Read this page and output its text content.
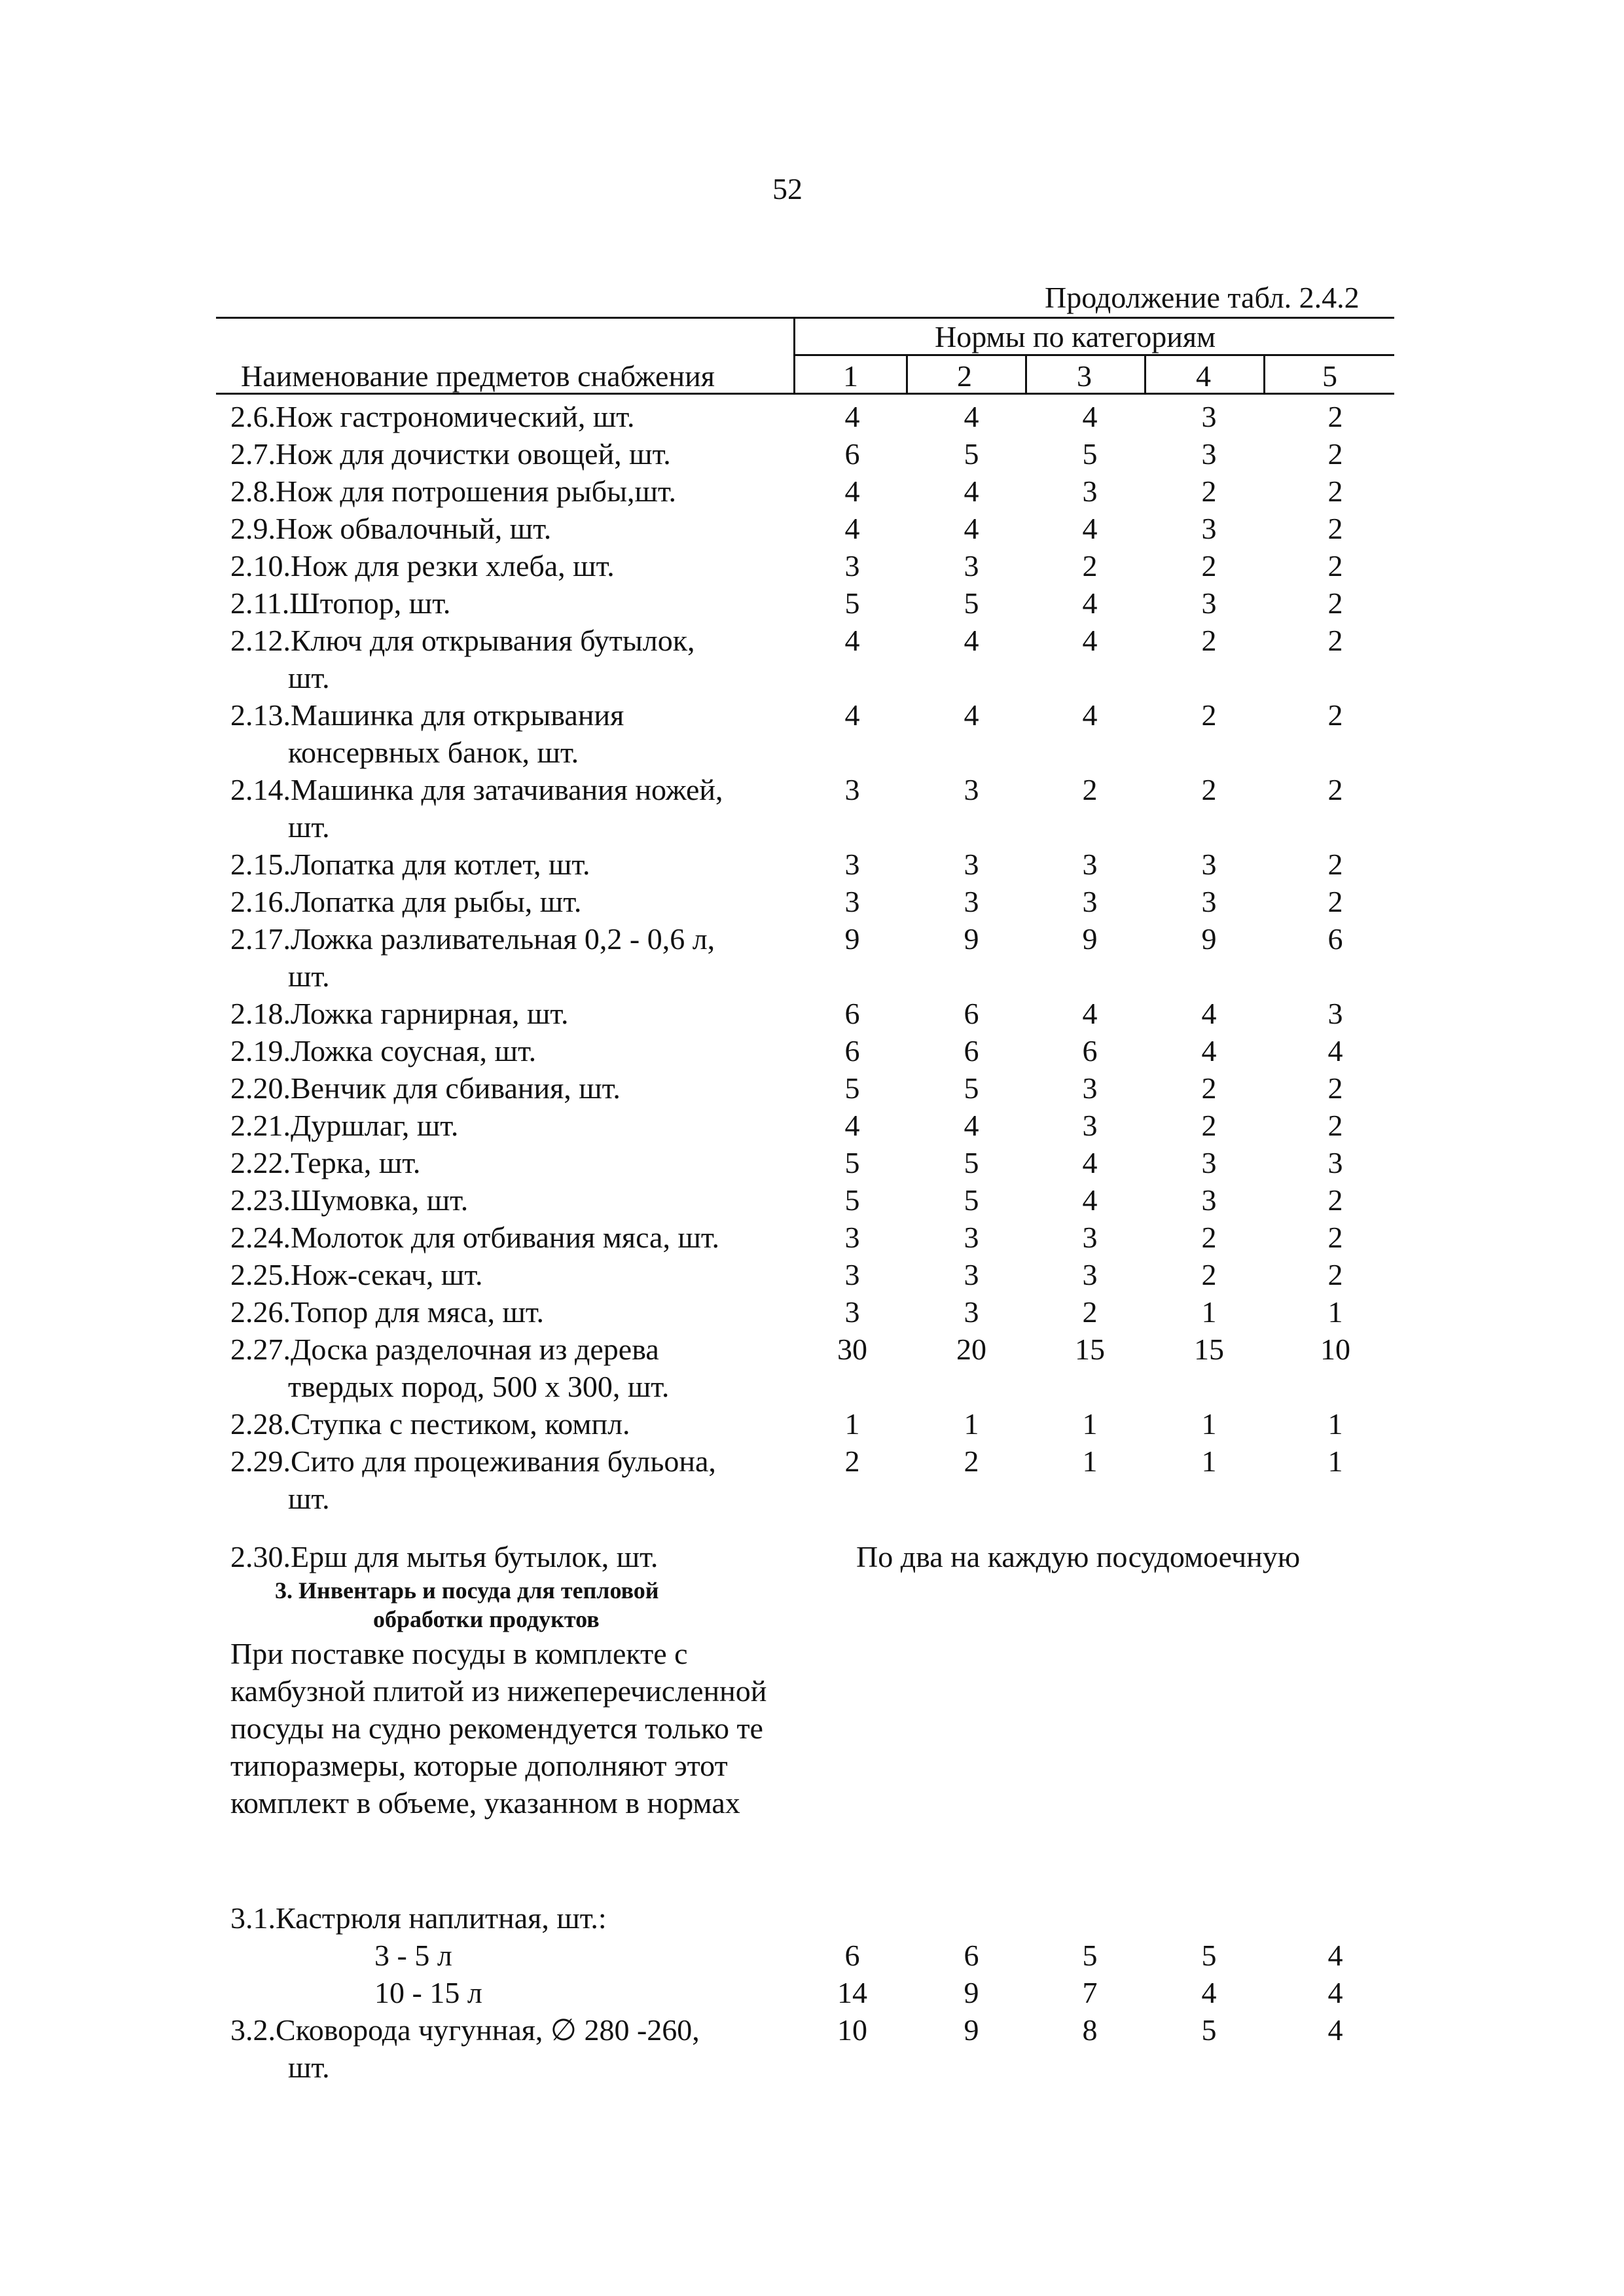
52
Продолжение табл. 2.4.2
Нормы по категориям
Наименование предметов снабжения	1	2	3	4	5
2.6.Нож гастрономический, шт.	4	4	4	3	2
2.7.Нож для дочистки овощей, шт.	6	5	5	3	2
2.8.Нож для потрошения рыбы,шт.	4	4	3	2	2
2.9.Нож обвалочный, шт.	4	4	4	3	2
2.10.Нож для резки хлеба, шт.	3	3	2	2	2
2.11.Штопор, шт.	5	5	4	3	2
2.12.Ключ для открывания бутылок,
шт.
4	4	4	2	2
2.13.Машинка для открывания
консервных банок, шт.
4	4	4	2	2
2.14.Машинка для затачивания ножей,
шт.
3	3	2	2	2
2.15.Лопатка для котлет, шт.	3	3	3	3	2
2.16.Лопатка для рыбы, шт.	3	3	3	3	2
2.17.Ложка разливательная 0,2 - 0,6 л,
шт.
9	9	9	9	6
2.18.Ложка гарнирная, шт.	6	6	4	4	3
2.19.Ложка соусная, шт.	6	6	6	4	4
2.20.Венчик для сбивания, шт.	5	5	3	2	2
2.21.Дуршлаг, шт.	4	4	3	2	2
2.22.Терка, шт.	5	5	4	3	3
2.23.Шумовка, шт.	5	5	4	3	2
2.24.Молоток для отбивания мяса, шт.	3	3	3	2	2
2.25.Нож-секач, шт.	3	3	3	2	2
2.26.Топор для мяса, шт.	3	3	2	1	1
2.27.Доска разделочная из дерева
твердых пород, 500 х 300, шт.
30	20	15	15	10
2.28.Ступка с пестиком, компл.	1	1	1	1	1
2.29.Сито для процеживания бульона,
шт.
2	2	1	1	1
2.30.Ерш для мытья бутылок, шт.	По два на каждую посудомоечную
3. Инвентарь и посуда для тепловой
обработки продуктов
При поставке посуды в комплекте с камбузной плитой из нижеперечисленной посуды на судно рекомендуется только те типоразмеры, которые дополняют этот комплект в объеме, указанном в нормах
3.1.Кастрюля наплитная, шт.:
3 - 5 л	6	6	5	5	4
10 - 15 л	14	9	7	4	4
3.2.Сковорода чугунная, ∅ 280 -260,
шт.
10	9	8	5	4
